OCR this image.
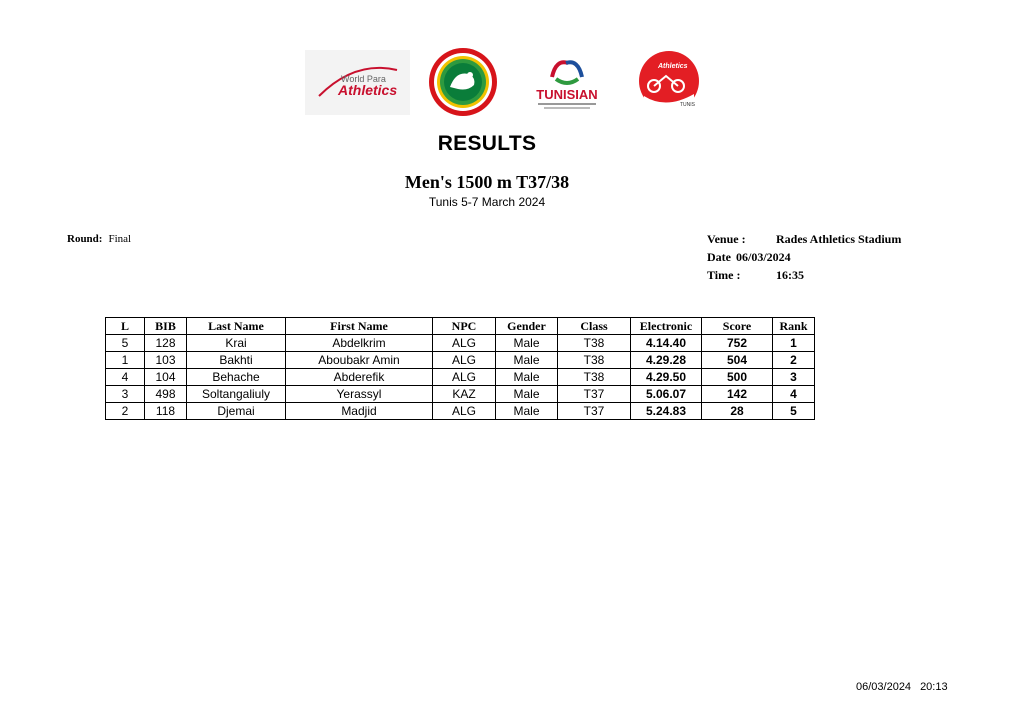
World Para
Athletics	TUNISIAN
Athletics
TUNIS
RESULTS
Men's 1500 m T37/38
Tunis 5-7 March 2024
Round: Final	Venue :	Rades Athletics Stadium
Date 06/03/2024
Time :	16:35
L	BIB	Last Name	First Name	NPC	Gender	Class	Electronic	Score	Rank
5	128	Krai	Abdelkrim	ALG	Male	T38	4.14.40	752	1
1	103	Bakhti	Aboubakr Amin	ALG	Male	T38	4.29.28	504	2
4	104	Behache	Abderefik	ALG	Male	T38	4.29.50	500	3
3	498	Soltangaliuly	Yerassyl	KAZ	Male	T37	5.06.07	142	4
2	118	Djemai	Madjid	ALG	Male	T37	5.24.83	28	5
06/03/2024 20:13
